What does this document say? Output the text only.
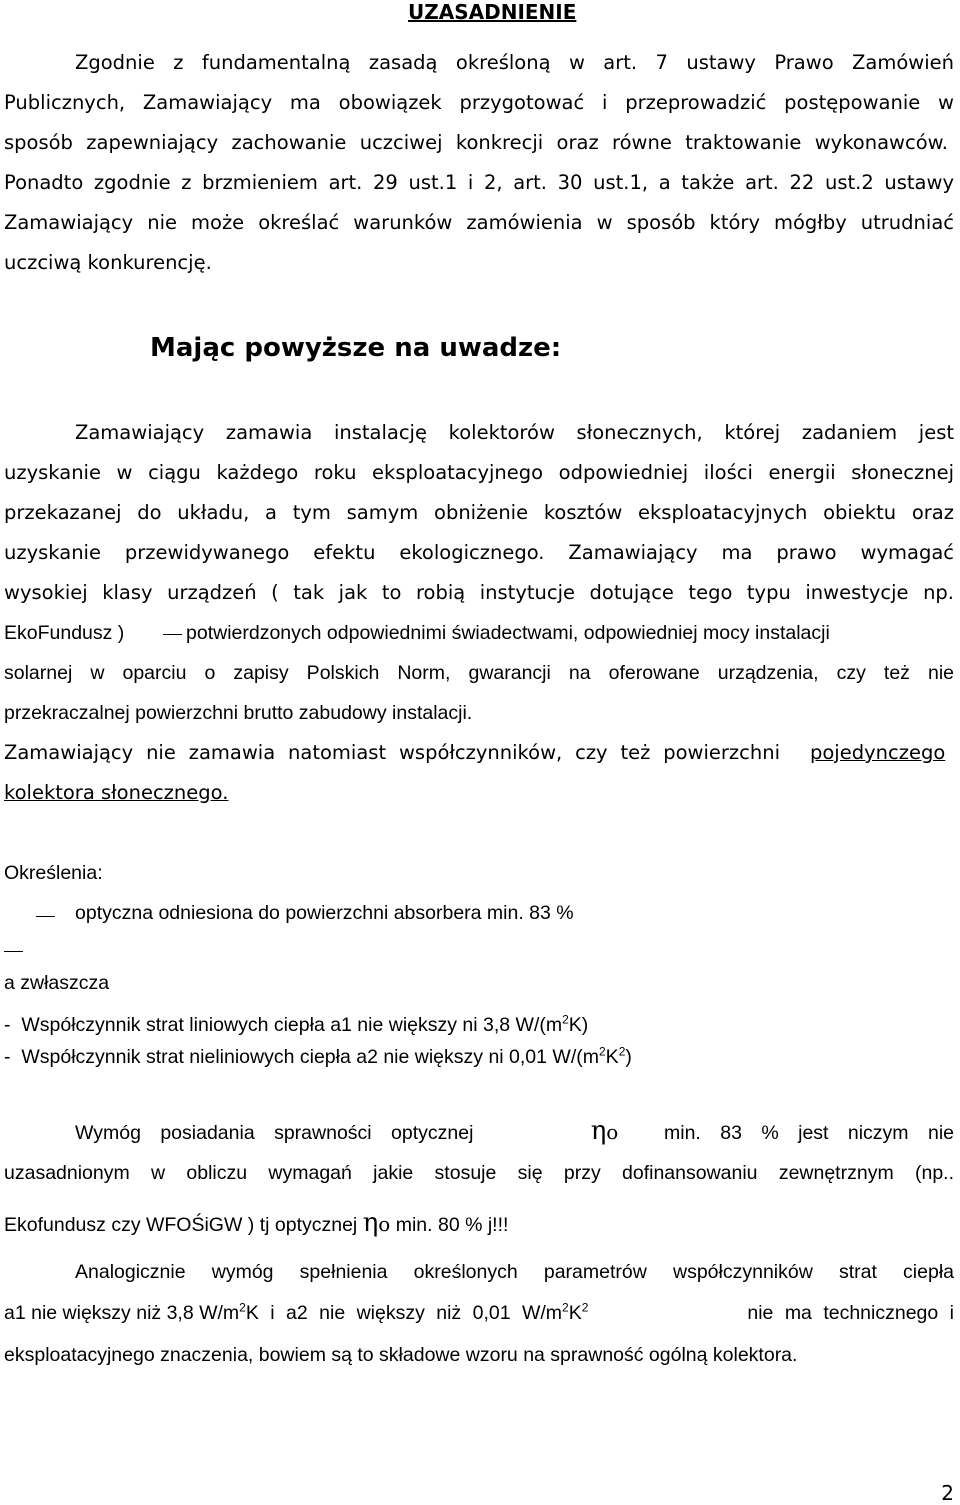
UZASADNIENIE
Zgodnie z fundamentalną zasadą określoną w art. 7 ustawy Prawo Zamówień
Publicznych, Zamawiający ma obowiązek przygotować i przeprowadzić postępowanie w
sposób zapewniający zachowanie uczciwej konkrecji oraz równe traktowanie wykonawców.
Ponadto zgodnie z brzmieniem art. 29 ust.1 i 2, art. 30 ust.1, a także art. 22 ust.2 ustawy
Zamawiający nie może określać warunków zamówienia w sposób który mógłby utrudniać
uczciwą konkurencję.
Mając powyższe na uwadze:
Zamawiający zamawia instalację kolektorów słonecznych, której zadaniem jest
uzyskanie w ciągu każdego roku eksploatacyjnego odpowiedniej ilości energii słonecznej
przekazanej do układu, a tym samym obniżenie kosztów eksploatacyjnych obiektu oraz
uzyskanie przewidywanego efektu ekologicznego. Zamawiający ma prawo wymagać
wysokiej klasy urządzeń ( tak jak to robią instytucje dotujące tego typu inwestycje np.
EkoFundusz )	potwierdzonych odpowiednimi świadectwami, odpowiedniej mocy instalacji
solarnej w oparciu o zapisy Polskich Norm, gwarancji na oferowane urządzenia, czy też nie
przekraczalnej powierzchni brutto zabudowy instalacji.
Zamawiający nie zamawia natomiast współczynników, czy też powierzchni pojedynczego
kolektora słonecznego.
Określenia:
optyczna odniesiona do powierzchni absorbera min. 83 %
a zwłaszcza
- Współczynnik strat liniowych ciepła a1 nie większy ni 3,8 $W/(m^2K)$
- Współczynnik strat nieliniowych ciepła a2 nie większy ni 0,01 $W/(m^2K^2)$
Wymóg posiadania sprawności optycznej	ηo min. 83 % jest niczym nie
uzasadnionym w obliczu wymagań jakie stosuje się przy dofinansowaniu zewnętrznym (np..
Ekofundusz czy WFOŚiGW ) tj optycznej ηo min. 80 % j!!!
Analogicznie wymóg spełnienia określonych parametrów współczynników strat ciepła
a1 nie większy niż 3,8 $W/m^2K$ i a2 nie większy niż 0,01 $W/m^2K^2$	nie ma technicznego i
eksploatacyjnego znaczenia, bowiem są to składowe wzoru na sprawność ogólną kolektora.
2
